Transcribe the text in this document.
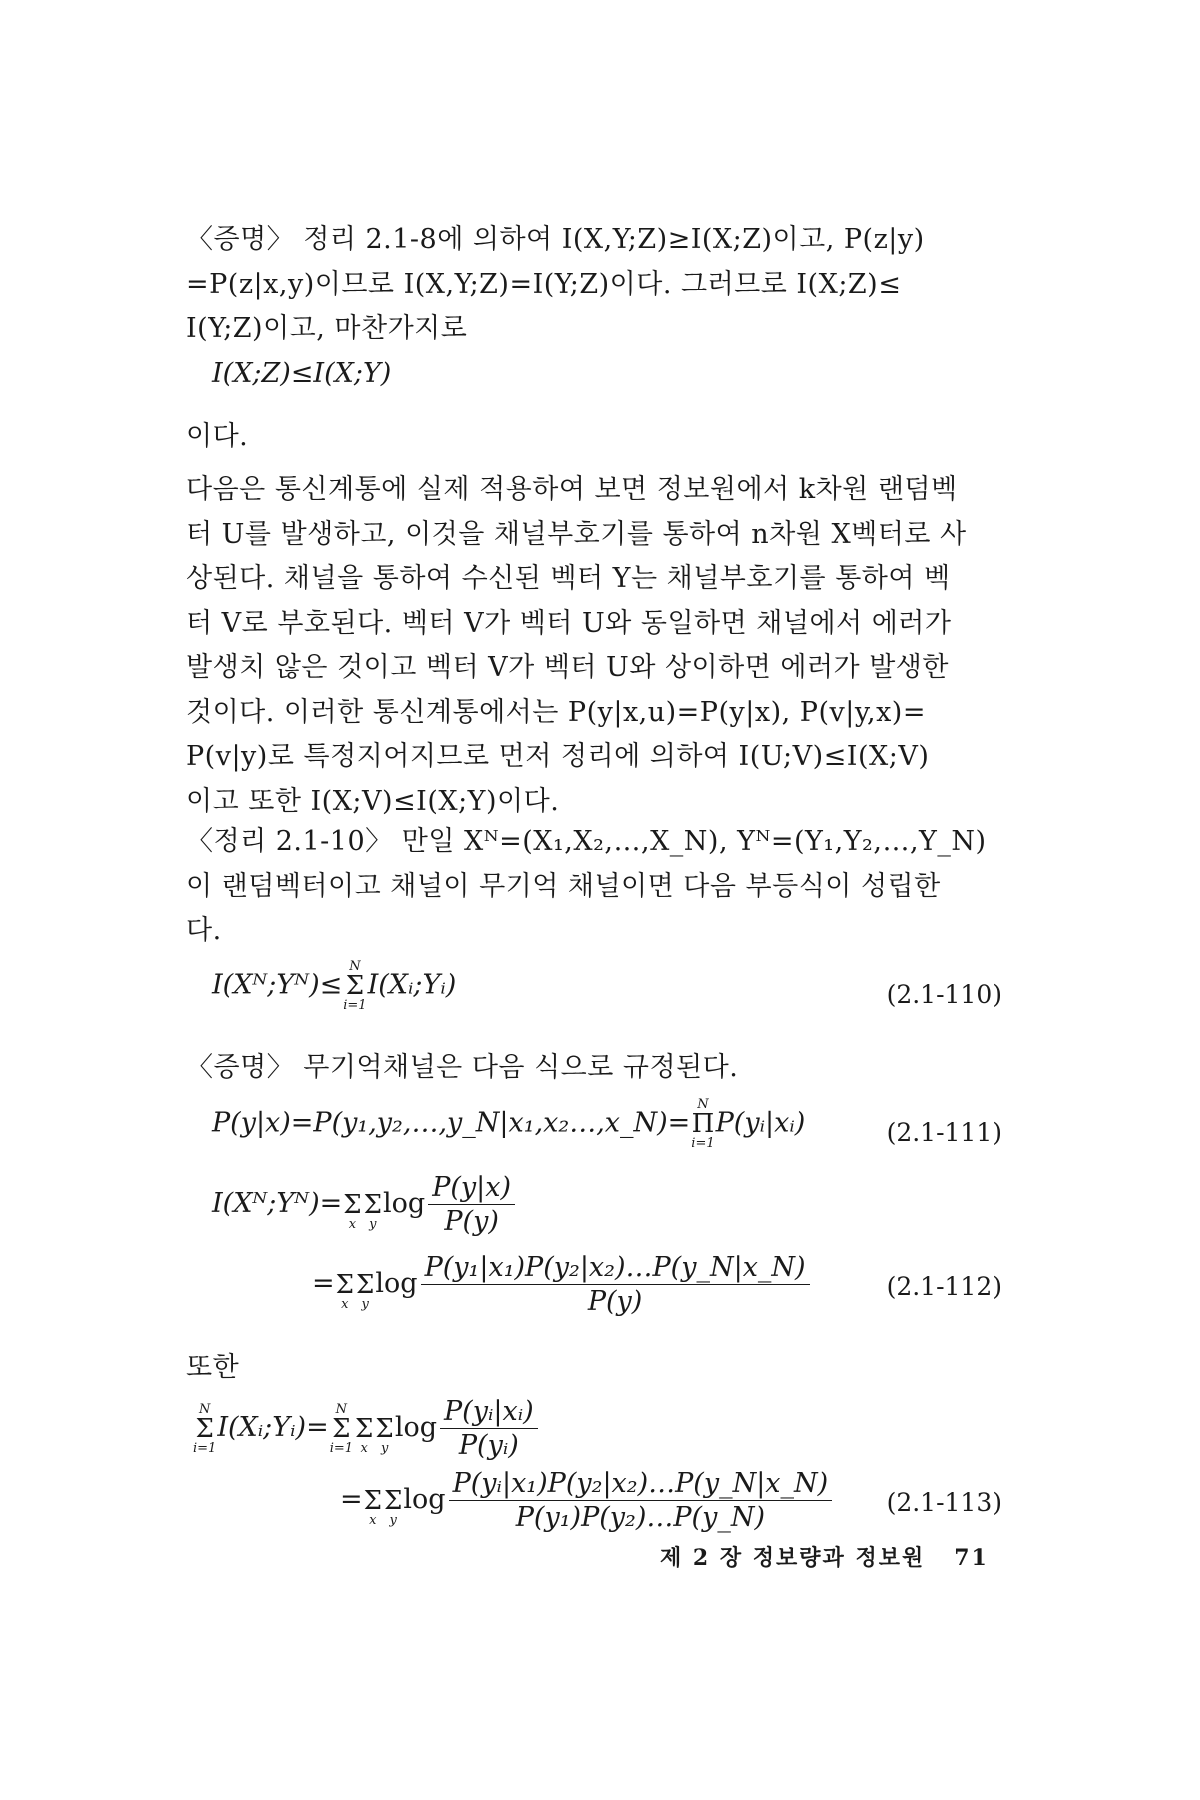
〈증명〉 정리 2.1-8에 의하여 I(X,Y;Z)≥I(X;Z)이고, P(z|y)
=P(z|x,y)이므로 I(X,Y;Z)=I(Y;Z)이다. 그러므로 I(X;Z)≤
I(Y;Z)이고, 마찬가지로
I(X;Z)≤I(X;Y)
이다.
다음은 통신계통에 실제 적용하여 보면 정보원에서 k차원 랜덤벡
터 U를 발생하고, 이것을 채널부호기를 통하여 n차원 X벡터로 사
상된다. 채널을 통하여 수신된 벡터 Y는 채널부호기를 통하여 벡
터 V로 부호된다. 벡터 V가 벡터 U와 동일하면 채널에서 에러가
발생치 않은 것이고 벡터 V가 벡터 U와 상이하면 에러가 발생한
것이다. 이러한 통신계통에서는 P(y|x,u)=P(y|x), P(v|y,x)=
P(v|y)로 특정지어지므로 먼저 정리에 의하여 I(U;V)≤I(X;V)
이고 또한 I(X;V)≤I(X;Y)이다.
〈정리 2.1-10〉 만일 Xᴺ=(X₁,X₂,…,X_N), Yᴺ=(Y₁,Y₂,…,Y_N)
이 랜덤벡터이고 채널이 무기억 채널이면 다음 부등식이 성립한
다.
I(Xᴺ;Yᴺ)≤
N
Σ
i=1
I(Xᵢ;Yᵢ)	(2.1-110)
〈증명〉 무기억채널은 다음 식으로 규정된다.
P(y|x)=P(y₁,y₂,…,y_N|x₁,x₂…,x_N)=
N
Π
i=1
P(yᵢ|xᵢ)	(2.1-111)
I(Xᴺ;Yᴺ)=
Σ
x

Σ
y
$\log \frac{P(y|x)}{P(y)}$
=
Σ
x

Σ
y
$\log \frac{\text{P(y₁|x₁)P(y₂|x₂)…P(y\_N|x\_N)}}{P(y)}$	(2.1-112)
또한
N
Σ
i=1
I(Xᵢ;Yᵢ)=
N
Σ
i=1

Σ
x

Σ
y
$\log \frac{\text{P(yᵢ|xᵢ)}}{\text{P(yᵢ)}}$
=
Σ
x

Σ
y
$\log \frac{\text{P(yᵢ|x₁)P(y₂|x₂)…P(y\_N|x\_N)}}{\text{P(y₁)P(y₂)…P(y\_N)}} (2.1-113)$
제 2 장 정보량과 정보원 71
